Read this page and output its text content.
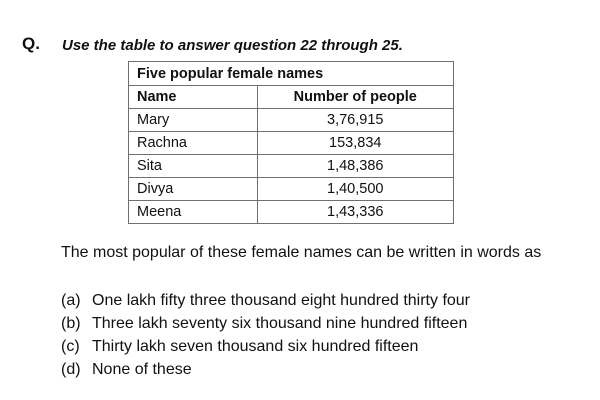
Q. Use the table to answer question 22 through 25.
Five popular female names	
Name	Number of people
Mary	3,76,915
Rachna	153,834
Sita	1,48,386
Divya	1,40,500
Meena	1,43,336
The most popular of these female names can be written in words as
(a) One lakh fifty three thousand eight hundred thirty four
(b) Three lakh seventy six thousand nine hundred fifteen
(c) Thirty lakh seven thousand six hundred fifteen
(d) None of these
